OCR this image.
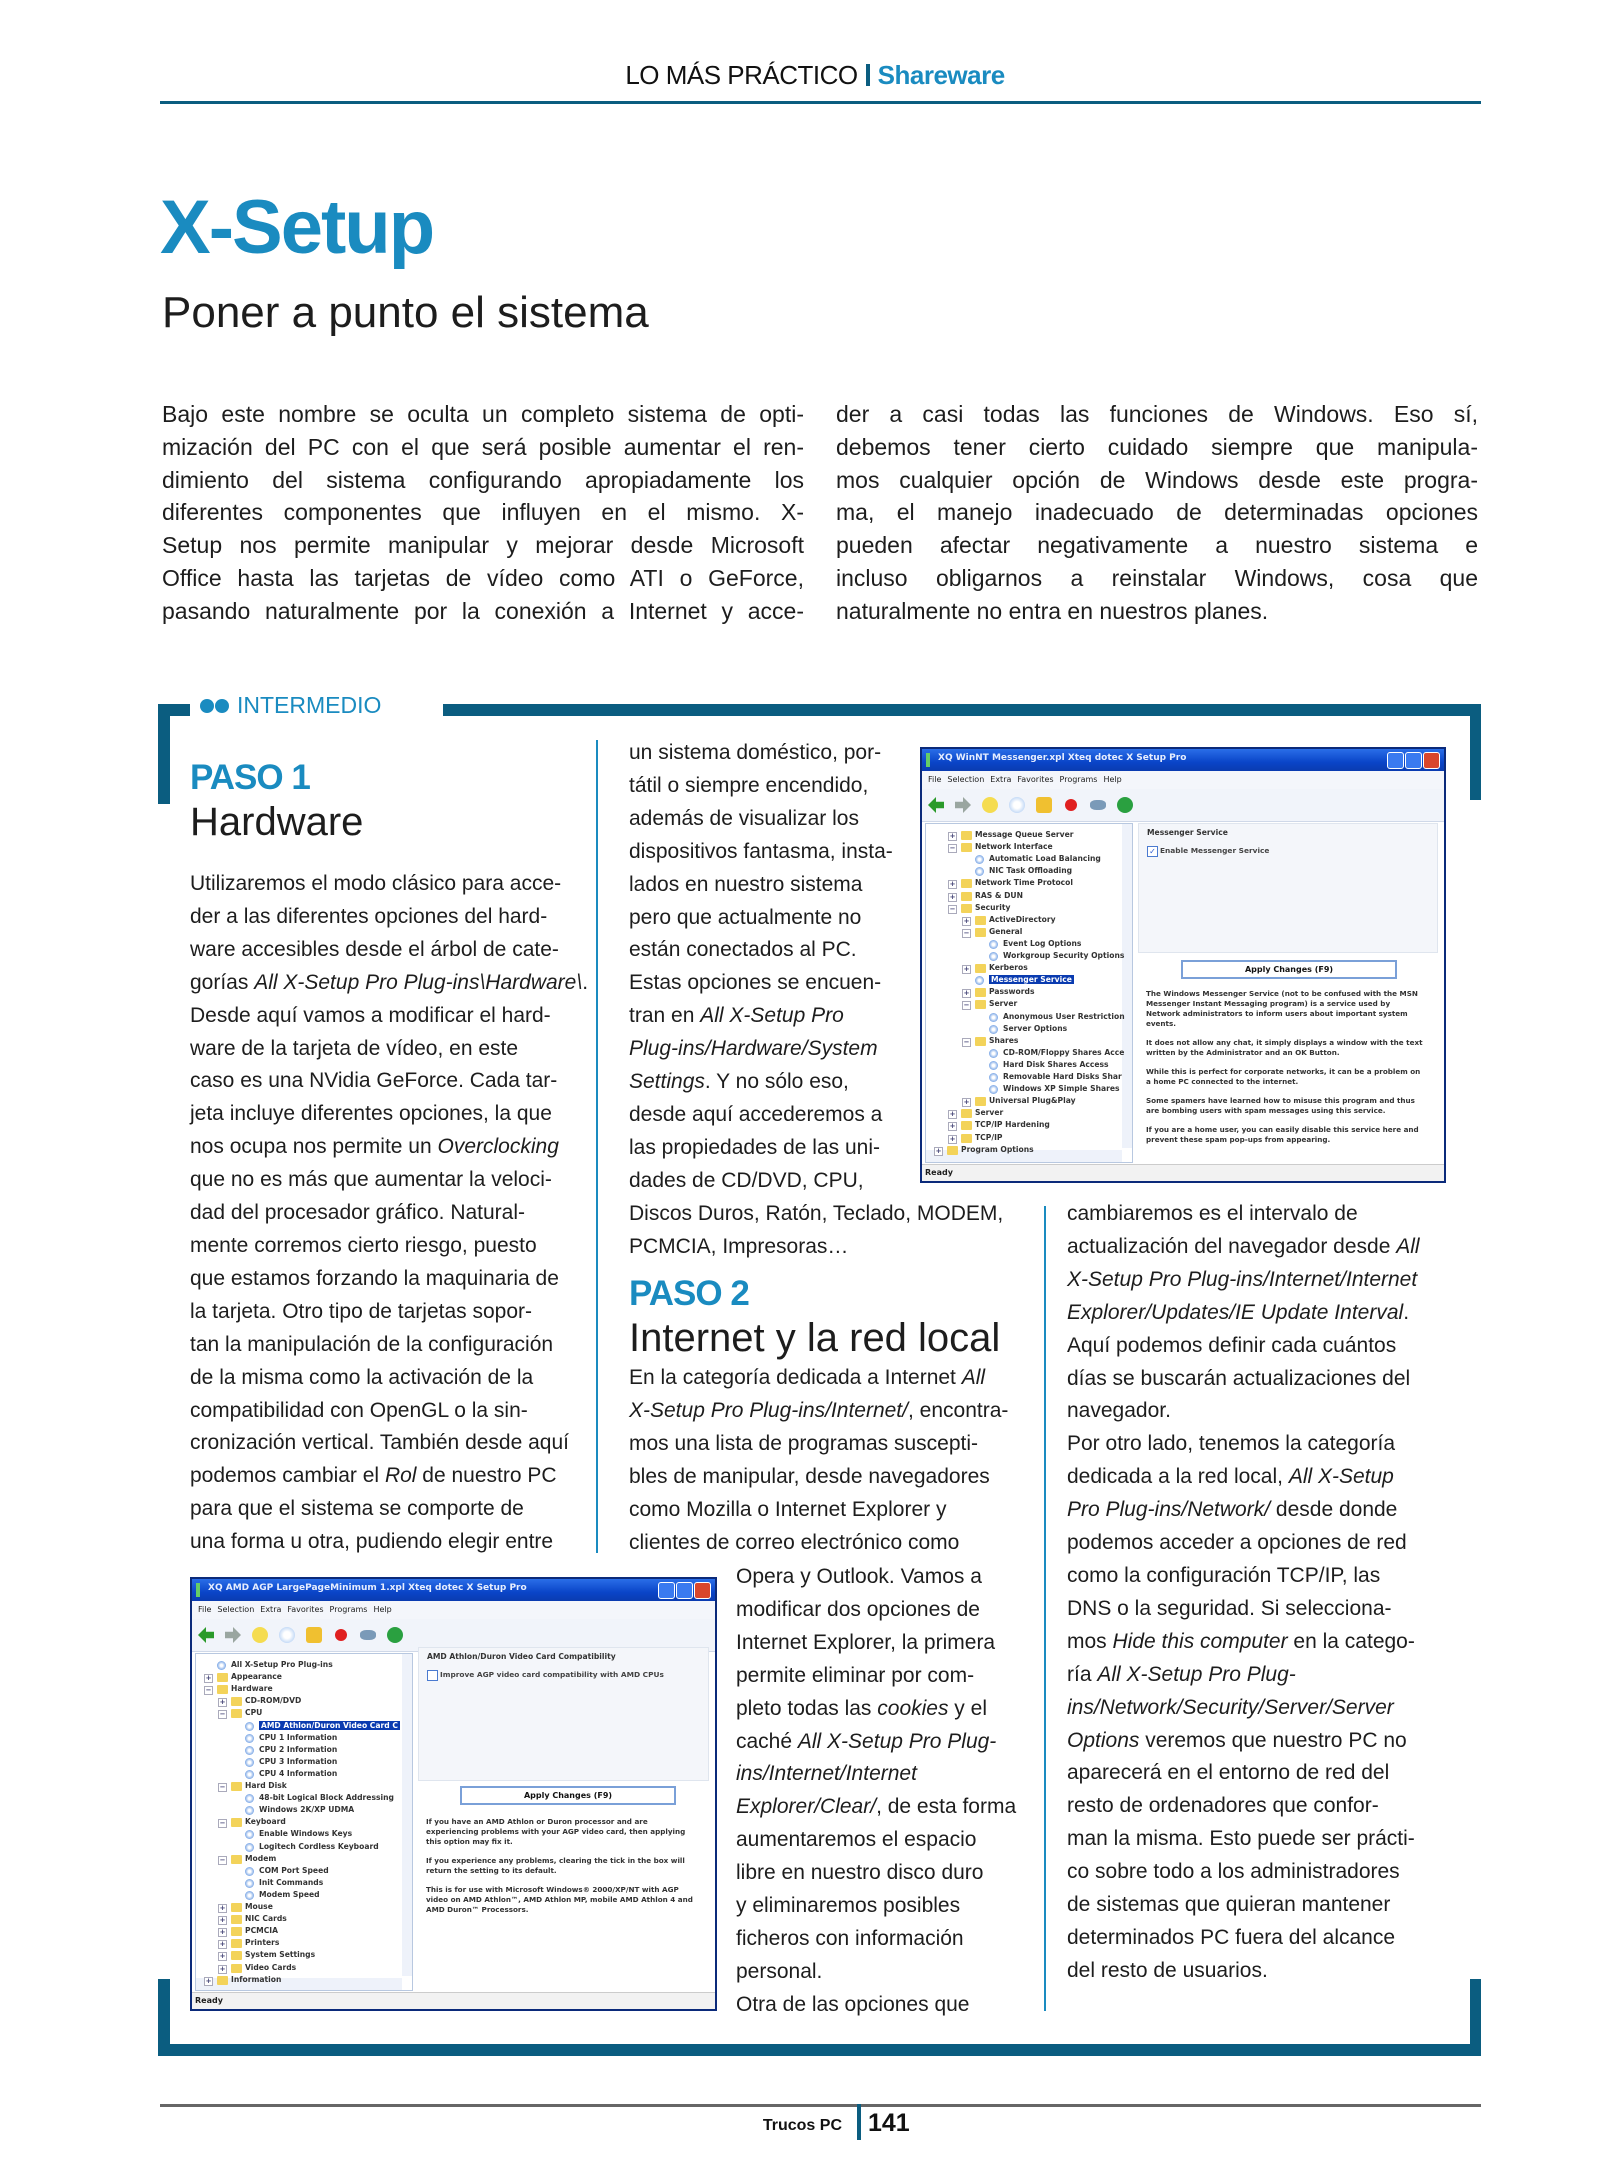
LO MÁS PRÁCTICO Shareware
X-Setup
Poner a punto el sistema
Bajo este nombre se oculta un completo sistema de opti-
mización del PC con el que será posible aumentar el ren-
dimiento del sistema configurando apropiadamente los
diferentes componentes que influyen en el mismo. X-
Setup nos permite manipular y mejorar desde Microsoft
Office hasta las tarjetas de vídeo como ATI o GeForce,
pasando naturalmente por la conexión a Internet y acce-
der a casi todas las funciones de Windows. Eso sí,
debemos tener cierto cuidado siempre que manipula-
mos cualquier opción de Windows desde este progra-
ma, el manejo inadecuado de determinadas opciones
pueden afectar negativamente a nuestro sistema e
incluso obligarnos a reinstalar Windows, cosa que
naturalmente no entra en nuestros planes.
INTERMEDIO
PASO 1
Hardware
Utilizaremos el modo clásico para acce-
der a las diferentes opciones del hard-
ware accesibles desde el árbol de cate-
gorías All X-Setup Pro Plug-ins\Hardware\.
Desde aquí vamos a modificar el hard-
ware de la tarjeta de vídeo, en este
caso es una NVidia GeForce. Cada tar-
jeta incluye diferentes opciones, la que
nos ocupa nos permite un Overclocking
que no es más que aumentar la veloci-
dad del procesador gráfico. Natural-
mente corremos cierto riesgo, puesto
que estamos forzando la maquinaria de
la tarjeta. Otro tipo de tarjetas sopor-
tan la manipulación de la configuración
de la misma como la activación de la
compatibilidad con OpenGL o la sin-
cronización vertical. También desde aquí
podemos cambiar el Rol de nuestro PC
para que el sistema se comporte de
una forma u otra, pudiendo elegir entre
un sistema doméstico, por-
tátil o siempre encendido,
además de visualizar los
dispositivos fantasma, insta-
lados en nuestro sistema
pero que actualmente no
están conectados al PC.
Estas opciones se encuen-
tran en All X-Setup Pro
Plug-ins/Hardware/System
Settings. Y no sólo eso,
desde aquí accederemos a
las propiedades de las uni-
dades de CD/DVD, CPU,
Discos Duros, Ratón, Teclado, MODEM,
PCMCIA, Impresoras…
PASO 2
Internet y la red local
En la categoría dedicada a Internet All
X-Setup Pro Plug-ins/Internet/, encontra-
mos una lista de programas suscepti-
bles de manipular, desde navegadores
como Mozilla o Internet Explorer y
clientes de correo electrónico como
Opera y Outlook. Vamos a
modificar dos opciones de
Internet Explorer, la primera
permite eliminar por com-
pleto todas las cookies y el
caché All X-Setup Pro Plug-
ins/Internet/Internet
Explorer/Clear/, de esta forma
aumentaremos el espacio
libre en nuestro disco duro
y eliminaremos posibles
ficheros con información
personal.
Otra de las opciones que
cambiaremos es el intervalo de
actualización del navegador desde All
X-Setup Pro Plug-ins/Internet/Internet
Explorer/Updates/IE Update Interval.
Aquí podemos definir cada cuántos
días se buscarán actualizaciones del
navegador.
Por otro lado, tenemos la categoría
dedicada a la red local, All X-Setup
Pro Plug-ins/Network/ desde donde
podemos acceder a opciones de red
como la configuración TCP/IP, las
DNS o la seguridad. Si selecciona-
mos Hide this computer en la catego-
ría All X-Setup Pro Plug-
ins/Network/Security/Server/Server
Options veremos que nuestro PC no
aparecerá en el entorno de red del
resto de ordenadores que confor-
man la misma. Esto puede ser prácti-
co sobre todo a los administradores
de sistemas que quieran mantener
determinados PC fuera del alcance
del resto de usuarios.
XQ WinNT Messenger.xpl Xteq dotec X Setup Pro
File Selection Extra Favorites Programs Help
+	Message Queue Server
−	Network Interface
Automatic Load Balancing
NIC Task Offloading
+	Network Time Protocol
+	RAS & DUN
−	Security
+	ActiveDirectory
−	General
Event Log Options
Workgroup Security Options
+	Kerberos
Messenger Service
+	Passwords
−	Server
Anonymous User Restriction
Server Options
−	Shares
CD-ROM/Floppy Shares Acce
Hard Disk Shares Access
Removable Hard Disks Shar
Windows XP Simple Shares
+	Universal Plug&Play
+	Server
+	TCP/IP Hardening
+	TCP/IP
+	Program Options
Messenger Service
✓ Enable Messenger Service
Apply Changes (F9)

The Windows Messenger Service (not to be confused with the MSN Messenger Instant Messaging program) is a service used by Network administrators to inform users about important system events.

It does not allow any chat, it simply displays a window with the text written by the Administrator and an OK Button.

While this is perfect for corporate networks, it can be a problem on a home PC connected to the internet.

Some spamers have learned how to misuse this program and thus are bombing users with spam messages using this service.

If you are a home user, you can easily disable this service here and prevent these spam pop-ups from appearing.

Ready
XQ AMD AGP LargePageMinimum 1.xpl Xteq dotec X Setup Pro
File Selection Extra Favorites Programs Help
All X-Setup Pro Plug-ins
+	Appearance
−	Hardware
+	CD-ROM/DVD
−	CPU
AMD Athlon/Duron Video Card C
CPU 1 Information
CPU 2 Information
CPU 3 Information
CPU 4 Information
−	Hard Disk
48-bit Logical Block Addressing
Windows 2K/XP UDMA
−	Keyboard
Enable Windows Keys
Logitech Cordless Keyboard
−	Modem
COM Port Speed
Init Commands
Modem Speed
+	Mouse
+	NIC Cards
+	PCMCIA
+	Printers
+	System Settings
+	Video Cards
+	Information
AMD Athlon/Duron Video Card Compatibility
Improve AGP video card compatibility with AMD CPUs
Apply Changes (F9)

If you have an AMD Athlon or Duron processor and are experiencing problems with your AGP video card, then applying this option may fix it.

If you experience any problems, clearing the tick in the box will return the setting to its default.

This is for use with Microsoft Windows® 2000/XP/NT with AGP video on AMD Athlon™, AMD Athlon MP, mobile AMD Athlon 4 and AMD Duron™ Processors.

Ready
Trucos PC 141
